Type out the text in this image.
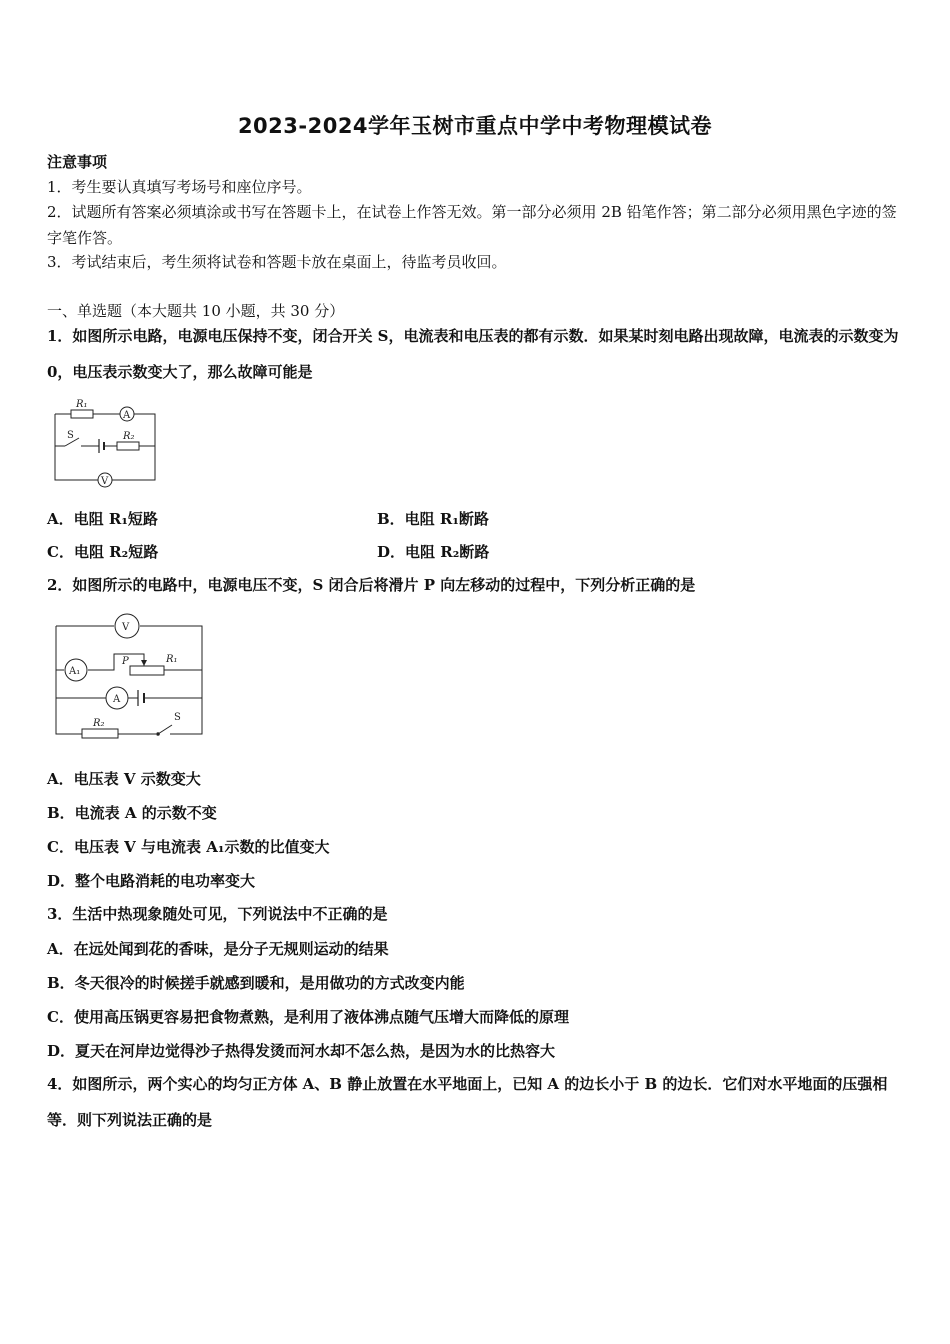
2023-2024学年玉树市重点中学中考物理模试卷
注意事项
1．考生要认真填写考场号和座位序号。
2．试题所有答案必须填涂或书写在答题卡上，在试卷上作答无效。第一部分必须用 2B 铅笔作答；第二部分必须用黑色字迹的签字笔作答。
3．考试结束后，考生须将试卷和答题卡放在桌面上，待监考员收回。
一、单选题（本大题共 10 小题，共 30 分）
1．如图所示电路，电源电压保持不变，闭合开关 S，电流表和电压表的都有示数．如果某时刻电路出现故障，电流表的示数变为 0，电压表示数变大了，那么故障可能是
R₁
A
S	R₂
V
A．电阻 R₁短路	B．电阻 R₁断路
C．电阻 R₂短路	D．电阻 R₂断路
2．如图所示的电路中，电源电压不变，S 闭合后将滑片 P 向左移动的过程中，下列分析正确的是
V
A₁
P	R₁
A
R₂
S
A．电压表 V 示数变大
B．电流表 A 的示数不变
C．电压表 V 与电流表 A₁示数的比值变大
D．整个电路消耗的电功率变大
3．生活中热现象随处可见，下列说法中不正确的是
A．在远处闻到花的香味，是分子无规则运动的结果
B．冬天很冷的时候搓手就感到暖和，是用做功的方式改变内能
C．使用高压锅更容易把食物煮熟，是利用了液体沸点随气压增大而降低的原理
D．夏天在河岸边觉得沙子热得发烫而河水却不怎么热，是因为水的比热容大
4．如图所示，两个实心的均匀正方体 A、B 静止放置在水平地面上，已知 A 的边长小于 B 的边长．它们对水平地面的压强相等．则下列说法正确的是
